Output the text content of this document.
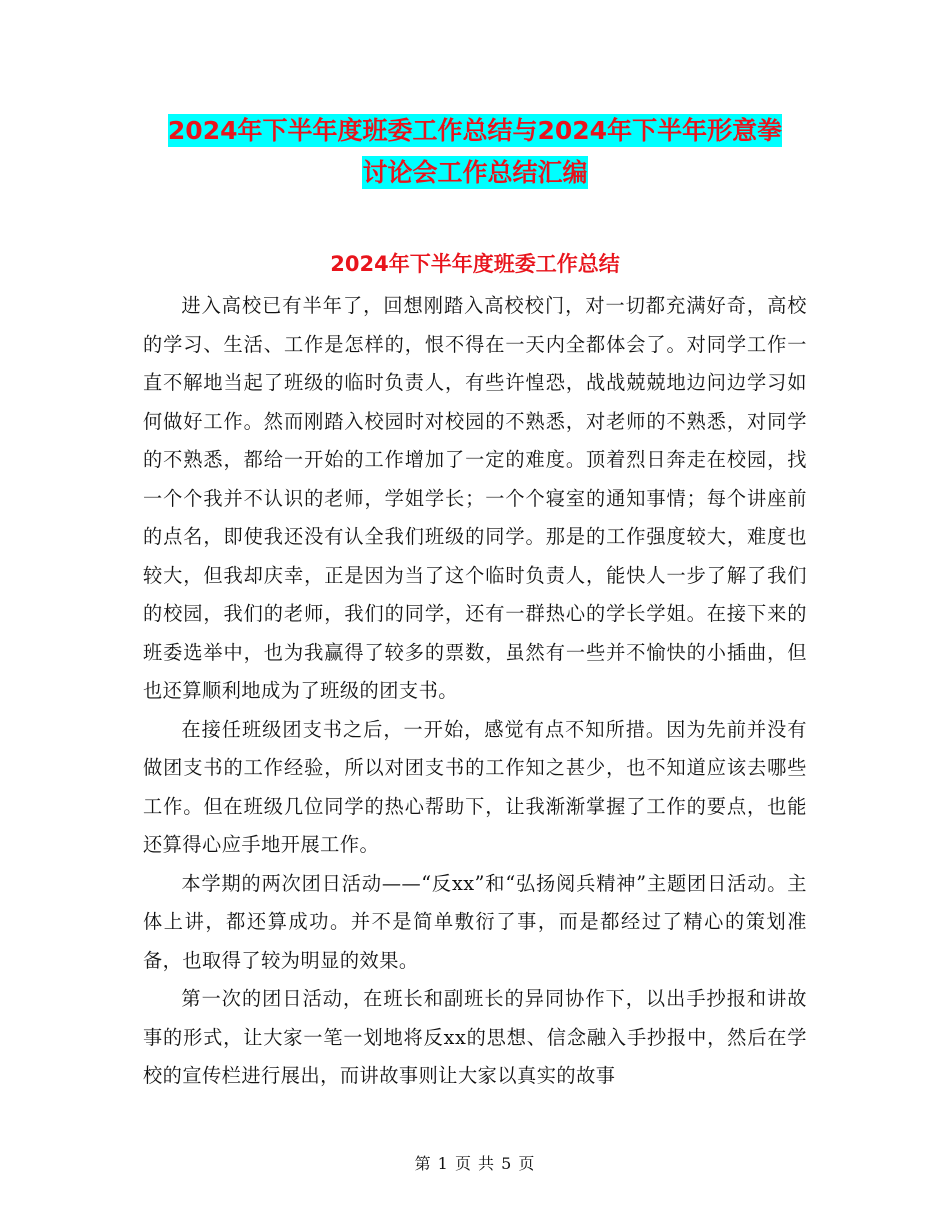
2024年下半年度班委工作总结与2024年下半年形意拳
讨论会工作总结汇编
2024年下半年度班委工作总结

进入高校已有半年了，回想刚踏入高校校门，对一切都充满好奇，高校的学习、生活、工作是怎样的，恨不得在一天内全都体会了。对同学工作一直不解地当起了班级的临时负责人，有些许惶恐，战战兢兢地边问边学习如何做好工作。然而刚踏入校园时对校园的不熟悉，对老师的不熟悉，对同学的不熟悉，都给一开始的工作增加了一定的难度。顶着烈日奔走在校园，找一个个我并不认识的老师，学姐学长；一个个寝室的通知事情；每个讲座前的点名，即使我还没有认全我们班级的同学。那是的工作强度较大，难度也较大，但我却庆幸，正是因为当了这个临时负责人，能快人一步了解了我们的校园，我们的老师，我们的同学，还有一群热心的学长学姐。在接下来的班委选举中，也为我赢得了较多的票数，虽然有一些并不愉快的小插曲，但也还算顺利地成为了班级的团支书。

在接任班级团支书之后，一开始，感觉有点不知所措。因为先前并没有做团支书的工作经验，所以对团支书的工作知之甚少，也不知道应该去哪些工作。但在班级几位同学的热心帮助下，让我渐渐掌握了工作的要点，也能还算得心应手地开展工作。

本学期的两次团日活动——“反xx”和“弘扬阅兵精神”主题团日活动。主体上讲，都还算成功。并不是简单敷衍了事，而是都经过了精心的策划准备，也取得了较为明显的效果。

第一次的团日活动，在班长和副班长的异同协作下，以出手抄报和讲故事的形式，让大家一笔一划地将反xx的思想、信念融入手抄报中，然后在学校的宣传栏进行展出，而讲故事则让大家以真实的故事

第 1 页 共 5 页
